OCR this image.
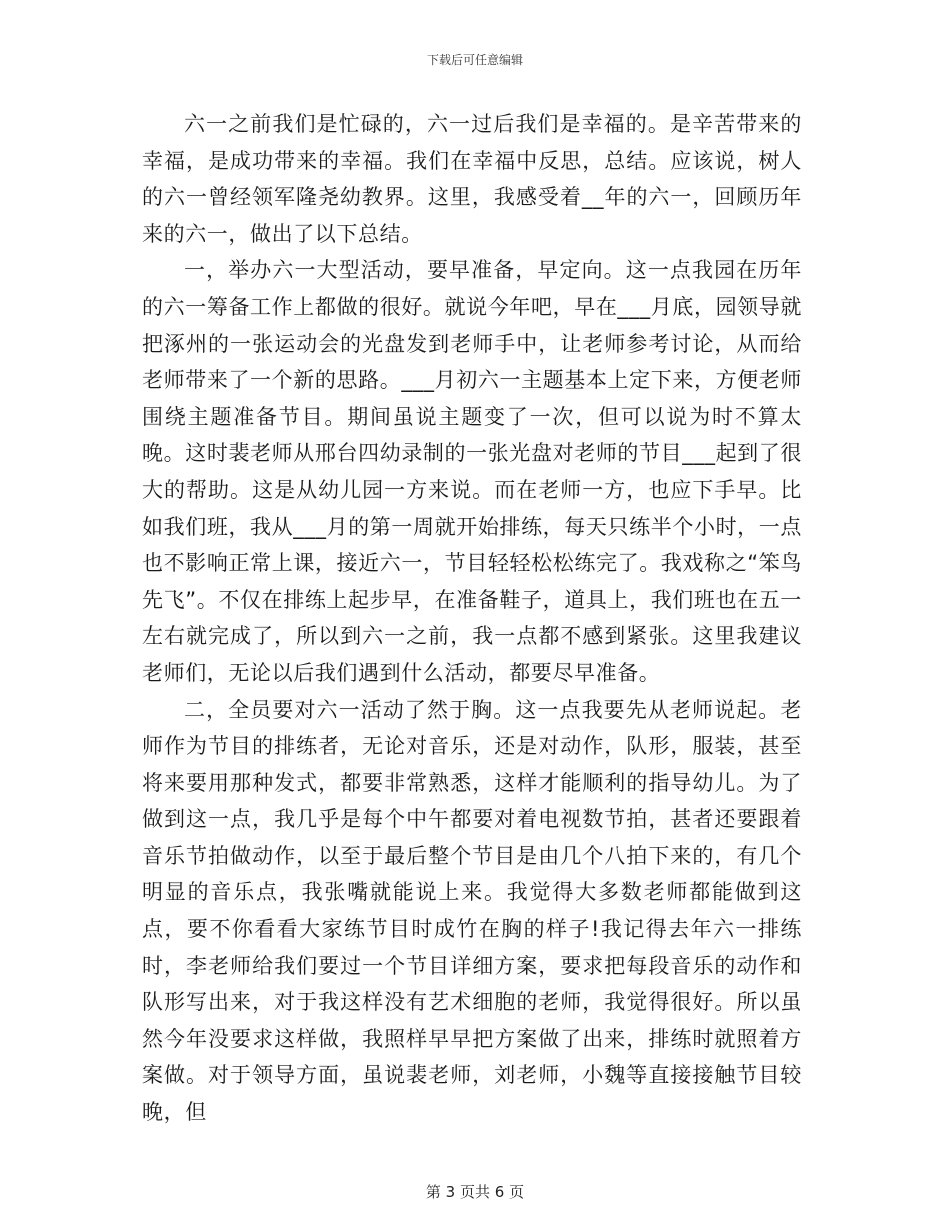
下载后可任意编辑

六一之前我们是忙碌的，六一过后我们是幸福的。是辛苦带来的幸福，是成功带来的幸福。我们在幸福中反思，总结。应该说，树人的六一曾经领军隆尧幼教界。这里，我感受着__年的六一，回顾历年来的六一，做出了以下总结。

一，举办六一大型活动，要早准备，早定向。这一点我园在历年的六一筹备工作上都做的很好。就说今年吧，早在___月底，园领导就把涿州的一张运动会的光盘发到老师手中，让老师参考讨论，从而给老师带来了一个新的思路。___月初六一主题基本上定下来，方便老师围绕主题准备节目。期间虽说主题变了一次，但可以说为时不算太晚。这时裴老师从邢台四幼录制的一张光盘对老师的节目___起到了很大的帮助。这是从幼儿园一方来说。而在老师一方，也应下手早。比如我们班，我从___月的第一周就开始排练，每天只练半个小时，一点也不影响正常上课，接近六一，节目轻轻松松练完了。我戏称之“笨鸟先飞”。不仅在排练上起步早，在准备鞋子，道具上，我们班也在五一左右就完成了，所以到六一之前，我一点都不感到紧张。这里我建议老师们，无论以后我们遇到什么活动，都要尽早准备。

二，全员要对六一活动了然于胸。这一点我要先从老师说起。老师作为节目的排练者，无论对音乐，还是对动作，队形，服装，甚至将来要用那种发式，都要非常熟悉，这样才能顺利的指导幼儿。为了做到这一点，我几乎是每个中午都要对着电视数节拍，甚者还要跟着音乐节拍做动作，以至于最后整个节目是由几个八拍下来的，有几个明显的音乐点，我张嘴就能说上来。我觉得大多数老师都能做到这点，要不你看看大家练节目时成竹在胸的样子!我记得去年六一排练时，李老师给我们要过一个节目详细方案，要求把每段音乐的动作和队形写出来，对于我这样没有艺术细胞的老师，我觉得很好。所以虽然今年没要求这样做，我照样早早把方案做了出来，排练时就照着方案做。对于领导方面，虽说裴老师，刘老师，小魏等直接接触节目较晚，但

第 3 页共 6 页
